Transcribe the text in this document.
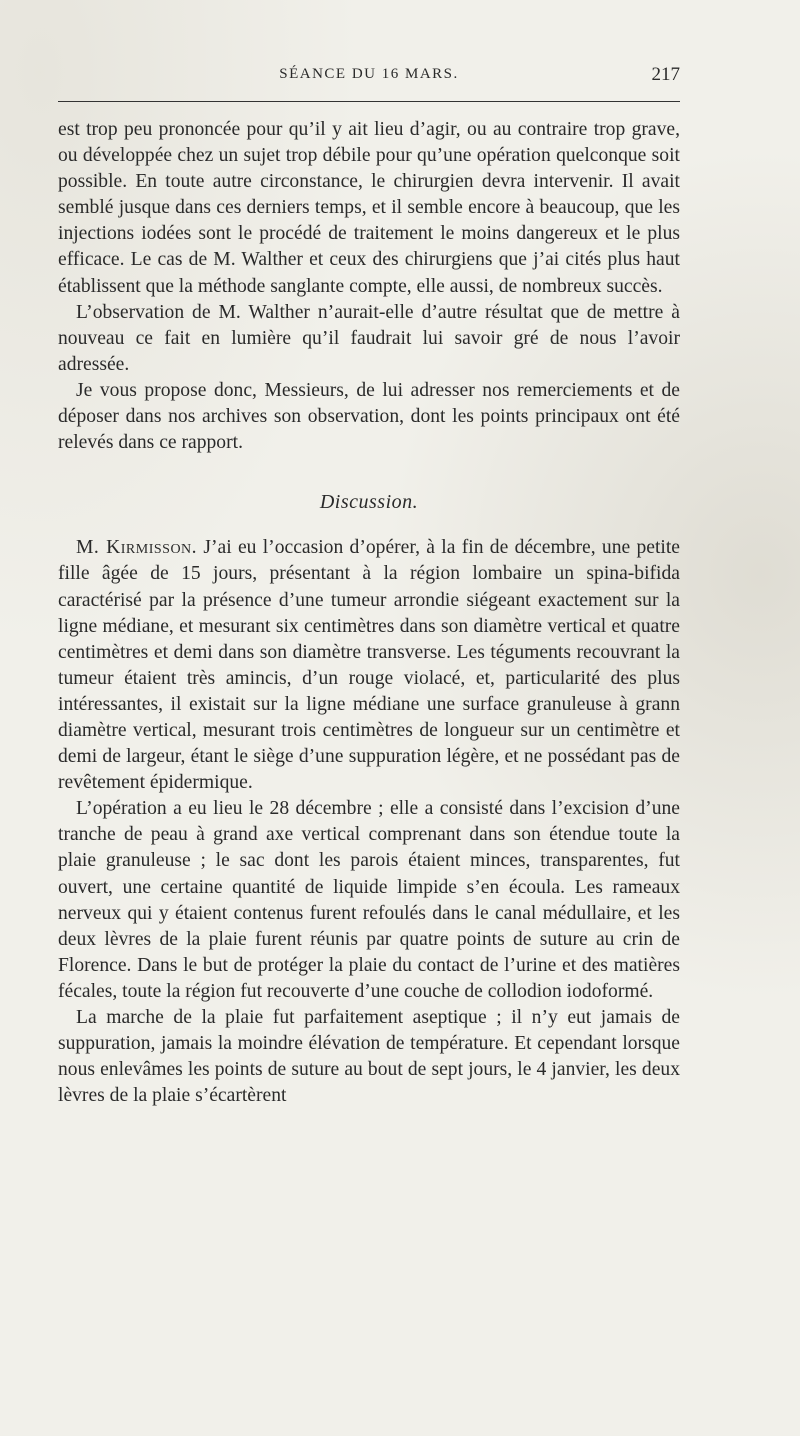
SÉANCE DU 16 MARS.	217

est trop peu prononcée pour qu’il y ait lieu d’agir, ou au contraire trop grave, ou développée chez un sujet trop débile pour qu’une opération quelconque soit possible. En toute autre circonstance, le chirurgien devra intervenir. Il avait semblé jusque dans ces derniers temps, et il semble encore à beaucoup, que les injections iodées sont le procédé de traitement le moins dangereux et le plus efficace. Le cas de M. Walther et ceux des chirurgiens que j’ai cités plus haut établissent que la méthode sanglante compte, elle aussi, de nombreux succès.

L’observation de M. Walther n’aurait-elle d’autre résultat que de mettre à nouveau ce fait en lumière qu’il faudrait lui savoir gré de nous l’avoir adressée.

Je vous propose donc, Messieurs, de lui adresser nos remerciements et de déposer dans nos archives son observation, dont les points principaux ont été relevés dans ce rapport.

Discussion.

M. Kirmisson. J’ai eu l’occasion d’opérer, à la fin de décembre, une petite fille âgée de 15 jours, présentant à la région lombaire un spina-bifida caractérisé par la présence d’une tumeur arrondie siégeant exactement sur la ligne médiane, et mesurant six centimètres dans son diamètre vertical et quatre centimètres et demi dans son diamètre transverse. Les téguments recouvrant la tumeur étaient très amincis, d’un rouge violacé, et, particularité des plus intéressantes, il existait sur la ligne médiane une surface granuleuse à grann diamètre vertical, mesurant trois centimètres de longueur sur un centimètre et demi de largeur, étant le siège d’une suppuration légère, et ne possédant pas de revêtement épidermique.

L’opération a eu lieu le 28 décembre ; elle a consisté dans l’excision d’une tranche de peau à grand axe vertical comprenant dans son étendue toute la plaie granuleuse ; le sac dont les parois étaient minces, transparentes, fut ouvert, une certaine quantité de liquide limpide s’en écoula. Les rameaux nerveux qui y étaient contenus furent refoulés dans le canal médullaire, et les deux lèvres de la plaie furent réunis par quatre points de suture au crin de Florence. Dans le but de protéger la plaie du contact de l’urine et des matières fécales, toute la région fut recouverte d’une couche de collodion iodoformé.

La marche de la plaie fut parfaitement aseptique ; il n’y eut jamais de suppuration, jamais la moindre élévation de température. Et cependant lorsque nous enlevâmes les points de suture au bout de sept jours, le 4 janvier, les deux lèvres de la plaie s’écartèrent
